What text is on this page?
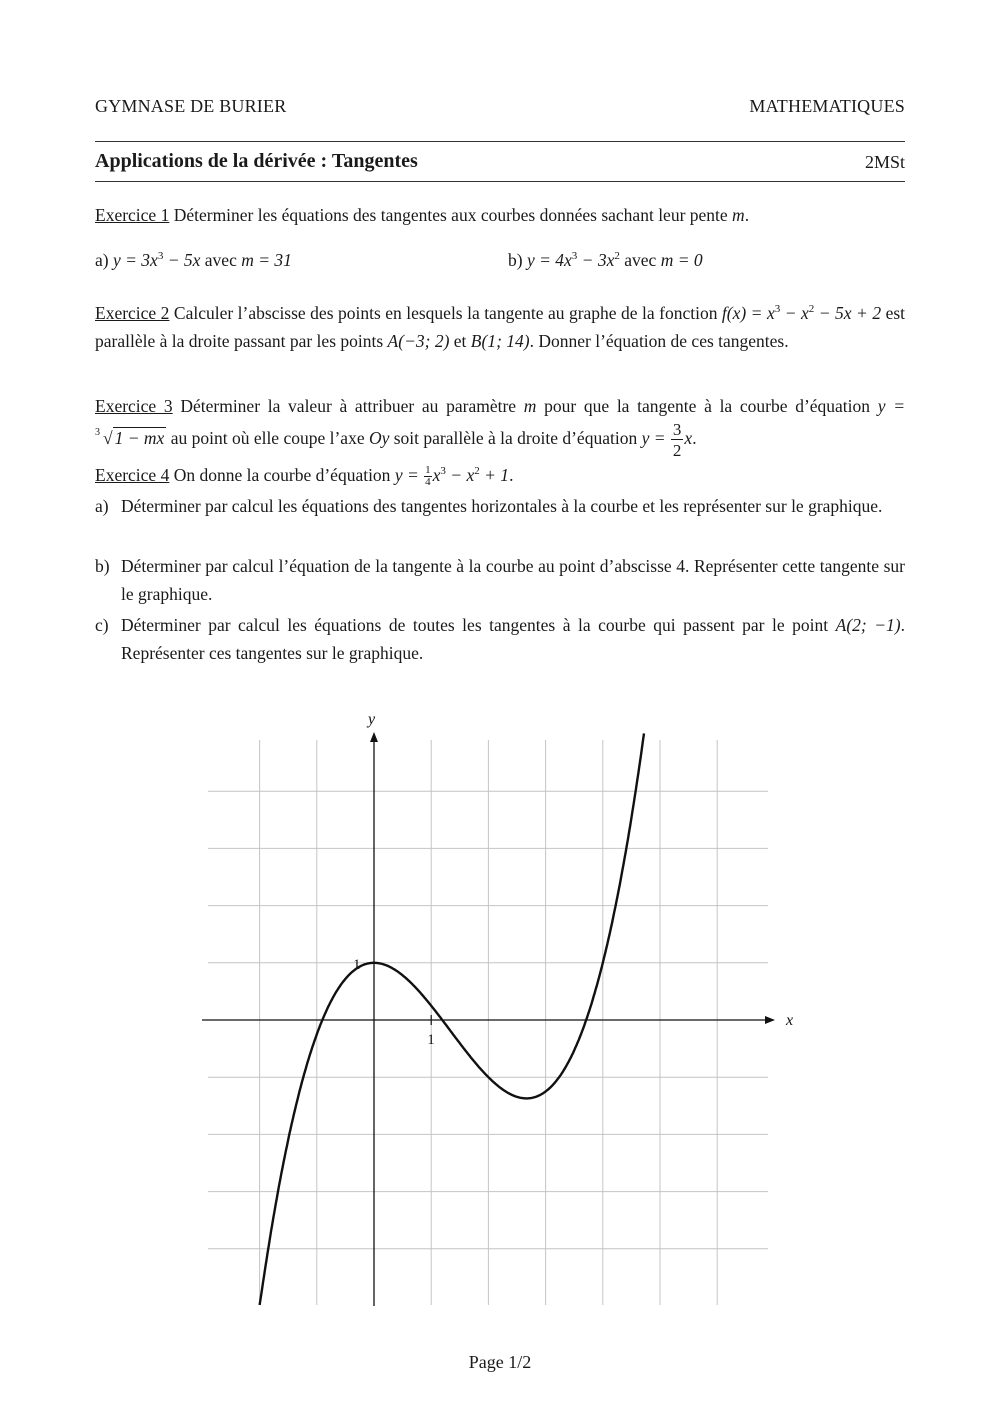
GYMNASE DE BURIER	MATHEMATIQUES
Applications de la dérivée : Tangentes	2MSt
Exercice 1 Déterminer les équations des tangentes aux courbes données sachant leur pente m.
a) $y = 3x^3 - 5x$ avec m = 31	b) $y = 4x^3 - 3x^2$ avec m = 0
Exercice 2 Calculer l’abscisse des points en lesquels la tangente au graphe de la fonction $f(x) = x^3 - x^2 - 5x + 2$ est parallèle à la droite passant par les points A(−3; 2) et B(1; 14). Donner l’équation de ces tangentes.
Exercice 3 Déterminer la valeur à attribuer au paramètre m pour que la tangente à la courbe d’équation y =
3 √ 1 − mx au point où elle coupe l’axe Oy soit parallèle à la droite d’équation $y = \frac{3}{2} x$.
Exercice 4 On donne la courbe d’équation $y = \frac{1}{4} x^3 - x^2 + 1$.
a) Déterminer par calcul les équations des tangentes horizontales à la courbe et les représenter sur le graphique.
b) Déterminer par calcul l’équation de la tangente à la courbe au point d’abscisse 4. Représenter cette tangente sur le graphique.
c) Déterminer par calcul les équations de toutes les tangentes à la courbe qui passent par le point A(2; −1). Représenter ces tangentes sur le graphique.
x
y
1
1
Page 1/2
